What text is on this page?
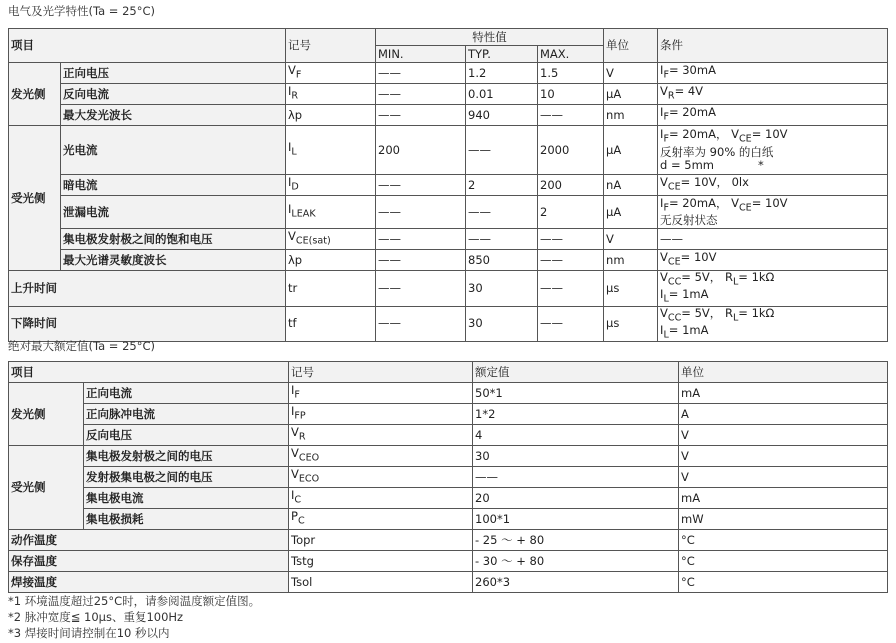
电气及光学特性(Ta = 25°C)
项目		记号	特性值			单位	条件
			MIN.	TYP.	MAX.		
发光侧	正向电压	$V_F$	——	1.2	1.5	V	$I_F= 30mA$
	反向电流	$I_R$	——	0.01	10	μA	$V_R= 4V$
	最大发光波长	λp	——	940	——	nm	$I_F= 20mA$
受光侧	光电流	$I_L$	200	——	2000	μA	$I_F= 20mA$， $V_{CE}= 10V$
反射率为 90% 的白纸
d = 5mm *

	暗电流	$I_D$	——	2	200	nA	$V_{CE}= 10V$， 0lx
	泄漏电流	$I_{LEAK}$	——	——	2	μA	$I_F= 20mA$， $V_{CE}= 10V$
无反射状态

	集电极发射极之间的饱和电压	$V_{CE(sat)}$	——	——	——	V	——
	最大光谱灵敏度波长	λp	——	850	——	nm	$V_{CE}= 10V$
上升时间		tr	——	30	——	μs	$V_{CC}= 5V$， $R_L= 1k\Omega$
$I_L= 1mA$

下降时间		tf	——	30	——	μs	$V_{CC}= 5V$， $R_L= 1k\Omega$
$I_L= 1mA$
绝对最大额定值(Ta = 25°C)
项目		记号	额定值	单位
发光侧	正向电流	$I_F$	50*1	mA
	正向脉冲电流	$I_{FP}$	1*2	A
	反向电压	$V_R$	4	V
受光侧	集电极发射极之间的电压	$V_{CEO}$	30	V
	发射极集电极之间的电压	$V_{ECO}$	——	V
	集电极电流	$I_C$	20	mA
	集电极损耗	$P_C$	100*1	mW
动作温度		Topr	- 25 ～ + 80	°C
保存温度		Tstg	- 30 ～ + 80	°C
焊接温度		Tsol	260*3	°C
*1 环境温度超过25°C时，请参阅温度额定值图。
*2 脉冲宽度≦ 10μs、重复100Hz
*3 焊接时间请控制在10 秒以内
